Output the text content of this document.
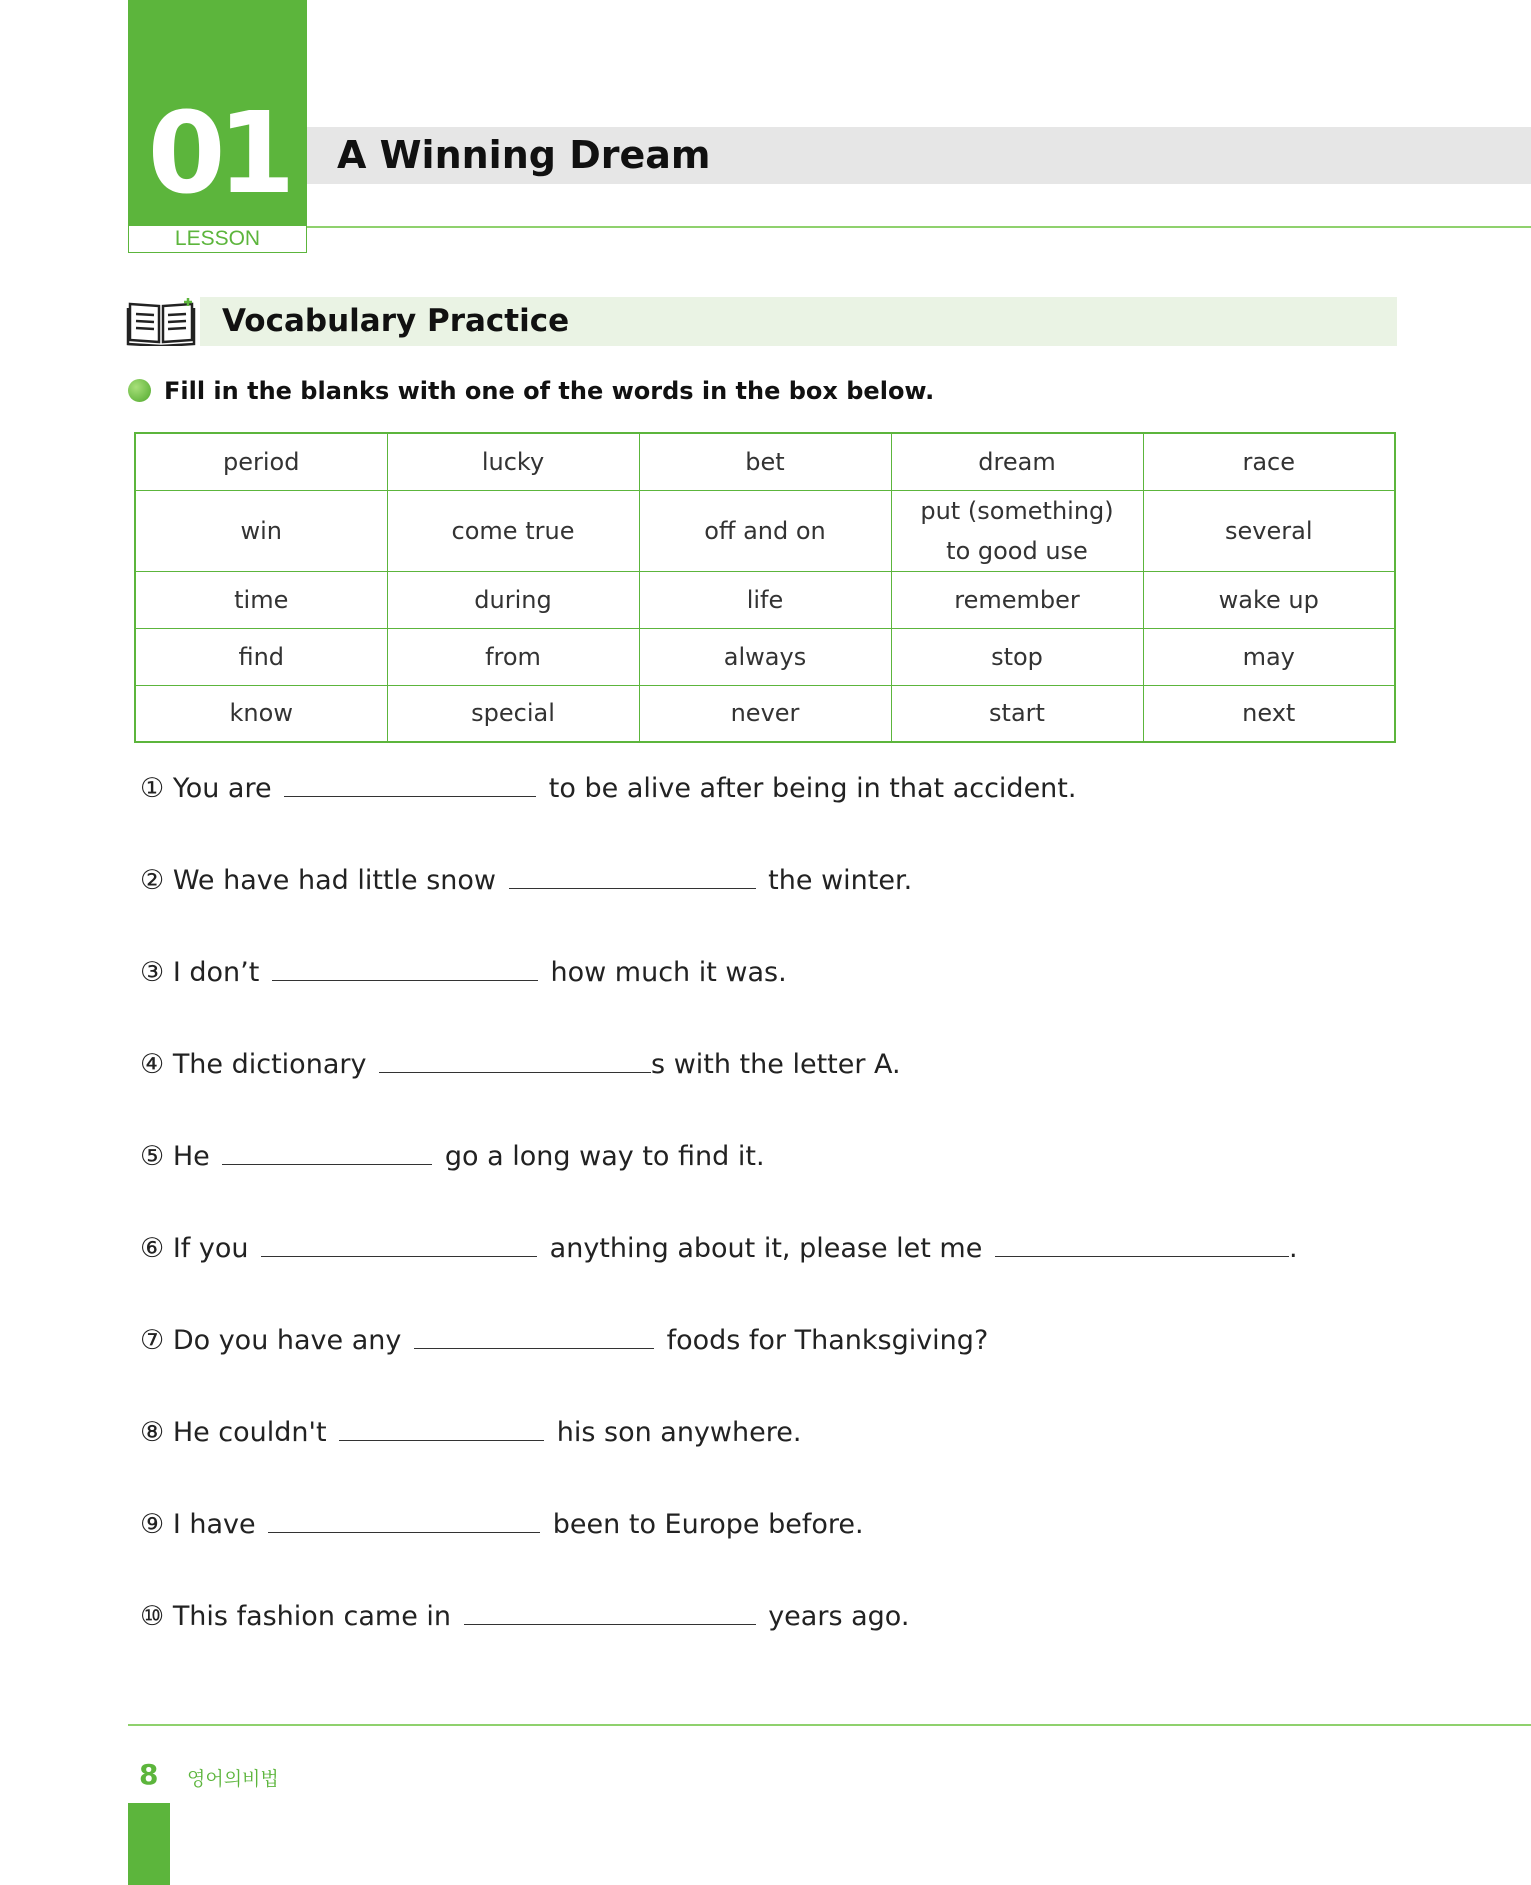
01
LESSON
A Winning Dream
Vocabulary Practice
Fill in the blanks with one of the words in the box below.
period	lucky	bet	dream	race
win	come true	off and on	put (something) to good use	several
time	during	life	remember	wake up
find	from	always	stop	may
know	special	never	start	next
① You are	to be alive after being in that accident.
② We have had little snow	the winter.
③ I don’t	how much it was.
④ The dictionary	s with the letter A.
⑤ He	go a long way to find it.
⑥ If you	anything about it, please let me	.
⑦ Do you have any	foods for Thanksgiving?
⑧ He couldn't	his son anywhere.
⑨ I have	been to Europe before.
⑩ This fashion came in	years ago.
8 영어의비법
